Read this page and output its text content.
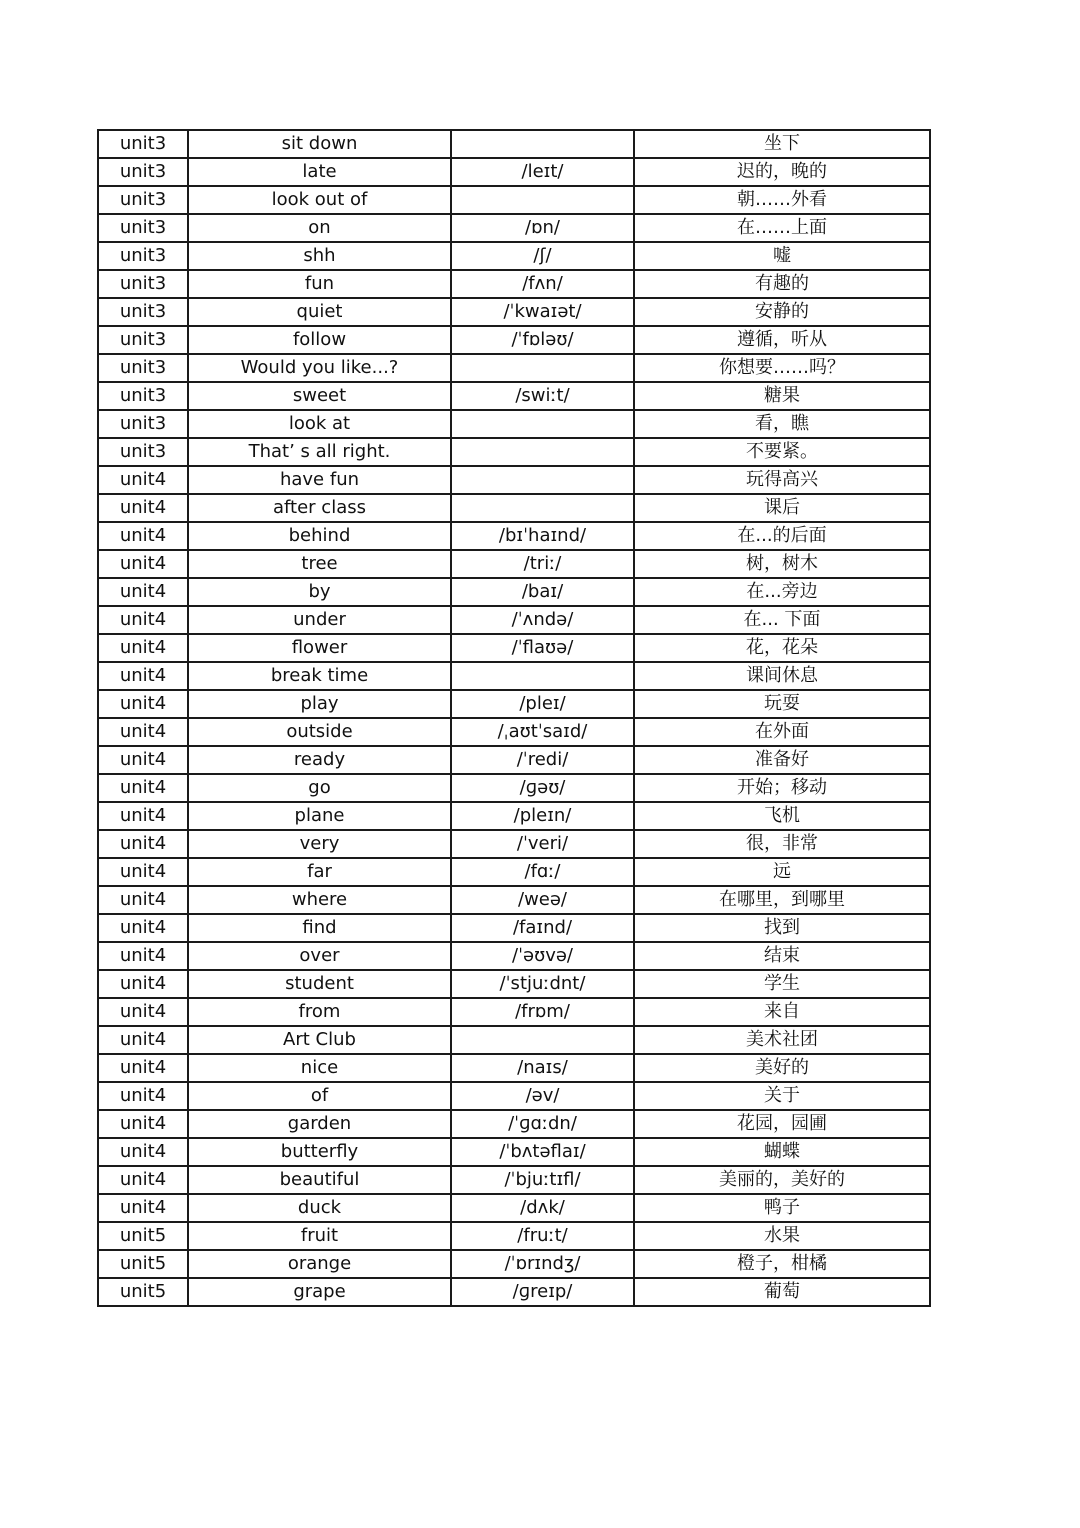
unit3	sit down		坐下
unit3	late	/leɪt/	迟的，晚的
unit3	look out of		朝……外看
unit3	on	/ɒn/	在……上面
unit3	shh	/ʃ/	嘘
unit3	fun	/fʌn/	有趣的
unit3	quiet	/ˈkwaɪət/	安静的
unit3	follow	/ˈfɒləʊ/	遵循，听从
unit3	Would you like...?		你想要……吗？
unit3	sweet	/swiːt/	糖果
unit3	look at		看，瞧
unit3	That’ s all right.		不要紧。
unit4	have fun		玩得高兴
unit4	after class		课后
unit4	behind	/bɪˈhaɪnd/	在...的后面
unit4	tree	/triː/	树，树木
unit4	by	/baɪ/	在...旁边
unit4	under	/ˈʌndə/	在... 下面
unit4	flower	/ˈflaʊə/	花，花朵
unit4	break time		课间休息
unit4	play	/pleɪ/	玩耍
unit4	outside	/ˌaʊtˈsaɪd/	在外面
unit4	ready	/ˈredi/	准备好
unit4	go	/ɡəʊ/	开始；移动
unit4	plane	/pleɪn/	飞机
unit4	very	/ˈveri/	很，非常
unit4	far	/fɑː/	远
unit4	where	/weə/	在哪里，到哪里
unit4	find	/faɪnd/	找到
unit4	over	/ˈəʊvə/	结束
unit4	student	/ˈstjuːdnt/	学生
unit4	from	/frɒm/	来自
unit4	Art Club		美术社团
unit4	nice	/naɪs/	美好的
unit4	of	/əv/	关于
unit4	garden	/ˈɡɑːdn/	花园，园圃
unit4	butterfly	/ˈbʌtəflaɪ/	蝴蝶
unit4	beautiful	/ˈbjuːtɪfl/	美丽的，美好的
unit4	duck	/dʌk/	鸭子
unit5	fruit	/fruːt/	水果
unit5	orange	/ˈɒrɪndʒ/	橙子，柑橘
unit5	grape	/ɡreɪp/	葡萄
